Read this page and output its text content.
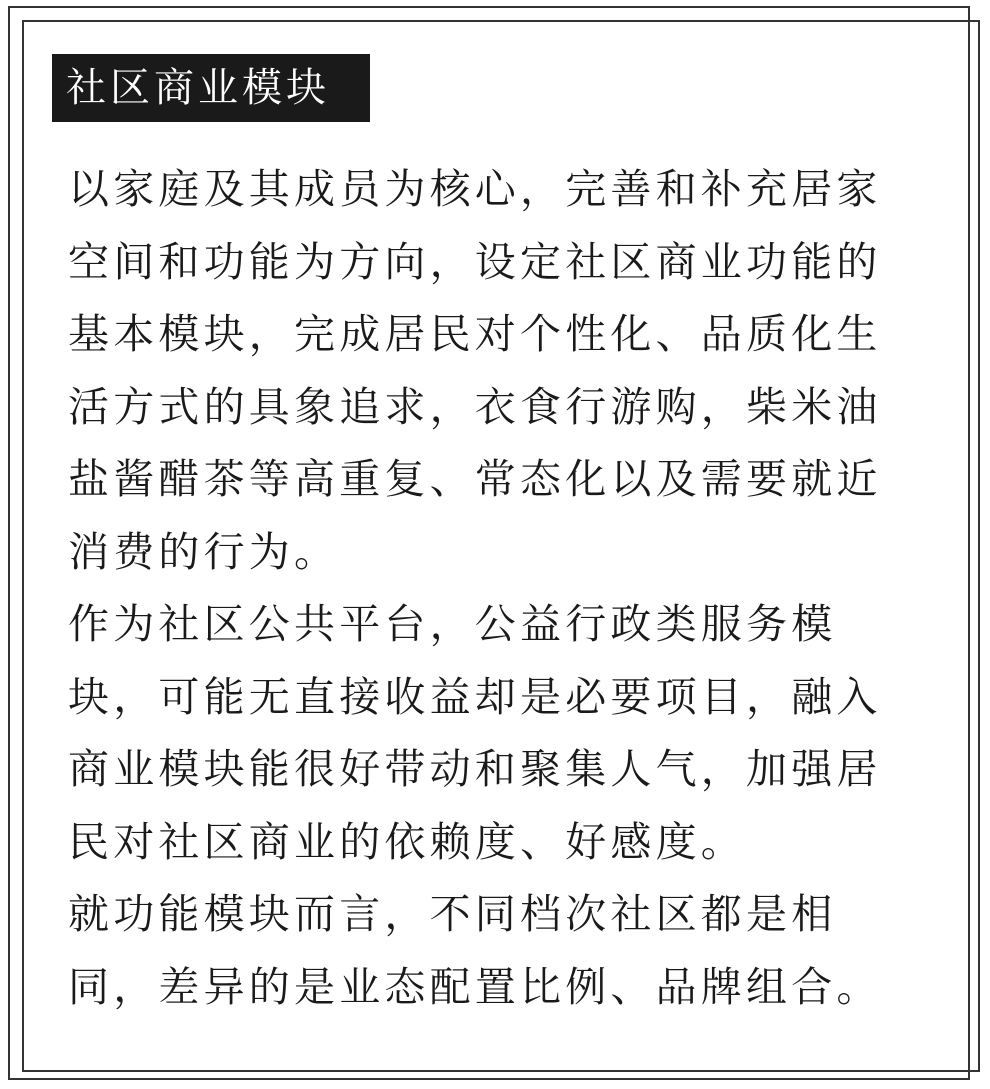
社区商业模块
以家庭及其成员为核心，完善和补充居家
空间和功能为方向，设定社区商业功能的
基本模块，完成居民对个性化、品质化生
活方式的具象追求，衣食行游购，柴米油
盐酱醋茶等高重复、常态化以及需要就近
消费的行为。
作为社区公共平台，公益行政类服务模
块，可能无直接收益却是必要项目，融入
商业模块能很好带动和聚集人气，加强居
民对社区商业的依赖度、好感度。
就功能模块而言，不同档次社区都是相
同，差异的是业态配置比例、品牌组合。
